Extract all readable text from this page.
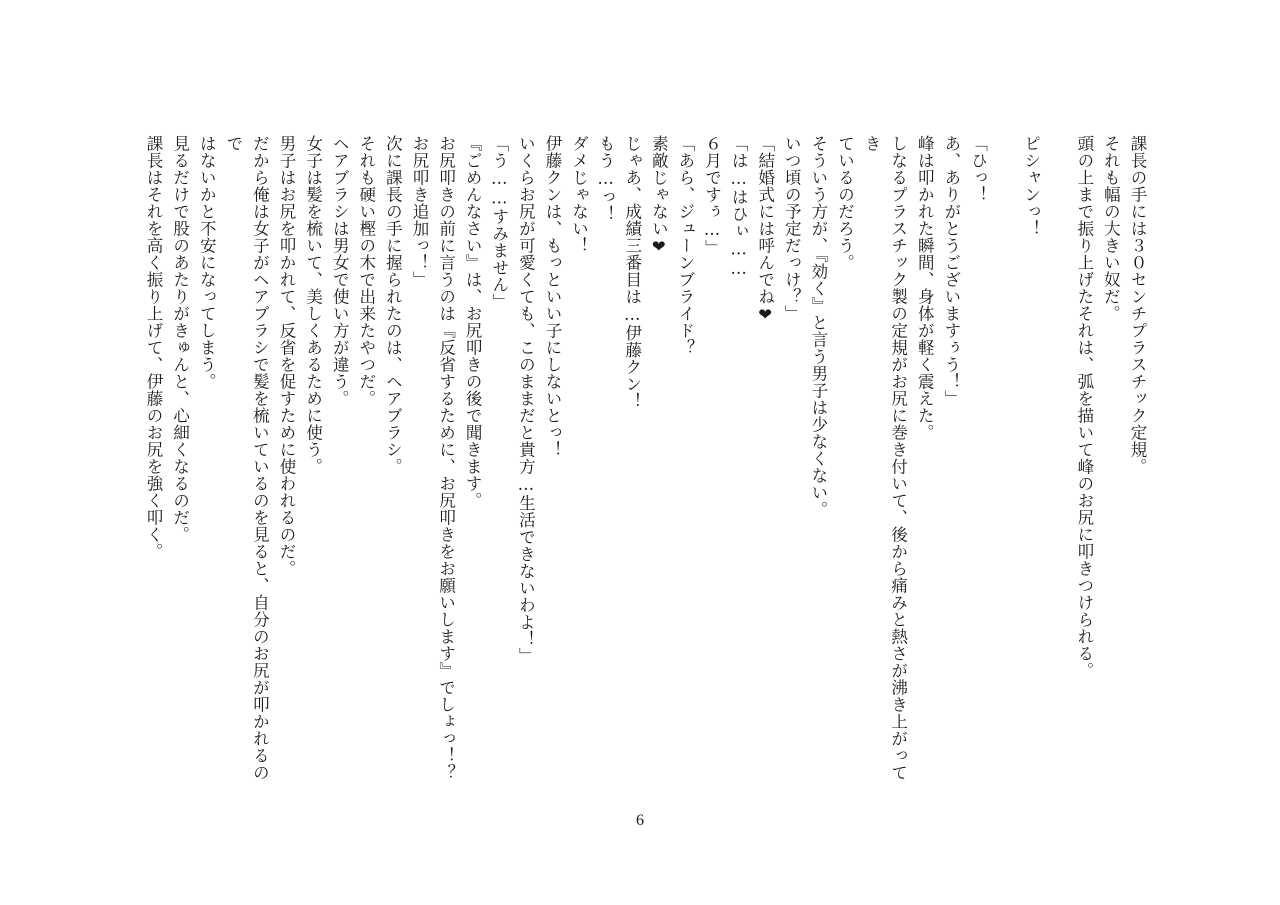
課長の手には３０センチプラスチック定規。
それも幅の大きい奴だ。
頭の上まで振り上げたそれは、弧を描いて峰のお尻に叩きつけられる。
ピシャンっ！
「ひっ！
あ、ありがとうございますぅう！」
峰は叩かれた瞬間、身体が軽く震えた。
しなるプラスチック製の定規がお尻に巻き付いて、後から痛みと熱さが沸き上がってき
ているのだろう。
そういう方が、『効く』と言う男子は少なくない。
いつ頃の予定だっけ？」
「結婚式には呼んでね❤
「は…はひぃ……
６月ですぅ…」
「あら、ジューンブライド？
素敵じゃない❤
じゃあ、成績三番目は…伊藤クン！
もう…っ！
ダメじゃない！
伊藤クンは、もっといい子にしないとっ！
いくらお尻が可愛くても、このままだと貴方…生活できないわよ！」
「う……すみません」
『ごめんなさい』は、お尻叩きの後で聞きます。
お尻叩きの前に言うのは『反省するために、お尻叩きをお願いします』でしょっ！？
お尻叩き追加っ！」
次に課長の手に握られたのは、ヘアブラシ。
それも硬い樫の木で出来たやつだ。
ヘアブラシは男女で使い方が違う。
女子は髪を梳いて、美しくあるために使う。
男子はお尻を叩かれて、反省を促すために使われるのだ。
だから俺は女子がヘアブラシで髪を梳いているのを見ると、自分のお尻が叩かれるので
はないかと不安になってしまう。
見るだけで股のあたりがきゅんと、心細くなるのだ。
課長はそれを高く振り上げて、伊藤のお尻を強く叩く。
6
